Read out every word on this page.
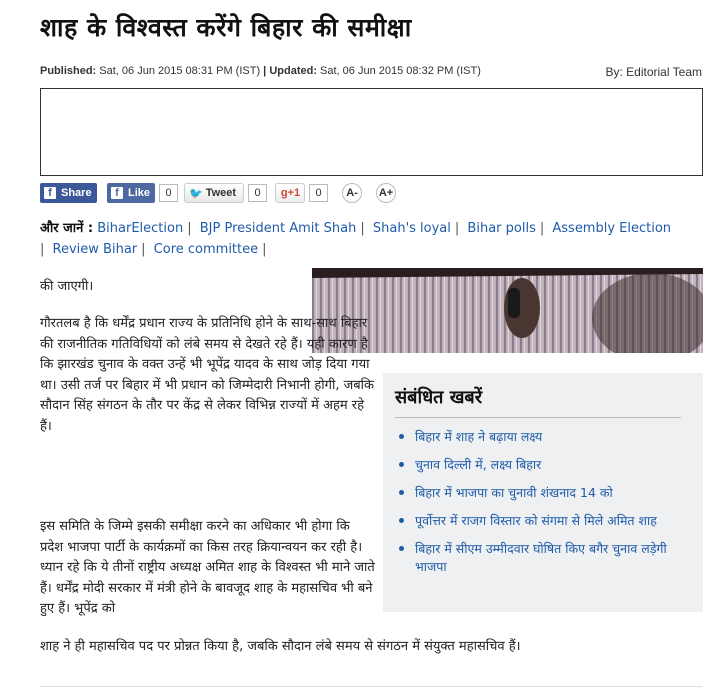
शाह के विश्वस्त करेंगे बिहार की समीक्षा
Published: Sat, 06 Jun 2015 08:31 PM (IST) | Updated: Sat, 06 Jun 2015 08:32 PM (IST)	By: Editorial Team
f Share	f Like	0	🐦 Tweet	0	g+1	0	A-	A+
और जानें : BiharElection | BJP President Amit Shah | Shah's loyal | Bihar polls | Assembly Election
| Review Bihar | Core committee |
संबंधित खबरें
बिहार में शाह ने बढ़ाया लक्ष्य
चुनाव दिल्ली में, लक्ष्य बिहार
बिहार में भाजपा का चुनावी शंखनाद 14 को
पूर्वोत्तर में राजग विस्तार को संगमा से मिले अमित शाह
बिहार में सीएम उम्मीदवार घोषित किए बगैर चुनाव लड़ेगी भाजपा
की जाएगी।
गौरतलब है कि धर्मेंद्र प्रधान राज्य के प्रतिनिधि होने के साथ-साथ बिहार की राजनीतिक गतिविधियों को लंबे समय से देखते रहे हैं। यही कारण है कि झारखंड चुनाव के वक्त उन्हें भी भूपेंद्र यादव के साथ जोड़ दिया गया था। उसी तर्ज पर बिहार में भी प्रधान को जिम्मेदारी निभानी होगी, जबकि सौदान सिंह संगठन के तौर पर केंद्र से लेकर विभिन्न राज्यों में अहम रहे हैं।
इस समिति के जिम्मे इसकी समीक्षा करने का अधिकार भी होगा कि प्रदेश भाजपा पार्टी के कार्यक्रमों का किस तरह क्रियान्वयन कर रही है। ध्यान रहे कि ये तीनों राष्ट्रीय अध्यक्ष अमित शाह के विश्वस्त भी माने जाते हैं। धर्मेंद्र मोदी सरकार में मंत्री होने के बावजूद शाह के महासचिव भी बने हुए हैं। भूपेंद्र को
शाह ने ही महासचिव पद पर प्रोन्नत किया है, जबकि सौदान लंबे समय से संगठन में संयुक्त महासचिव हैं।
